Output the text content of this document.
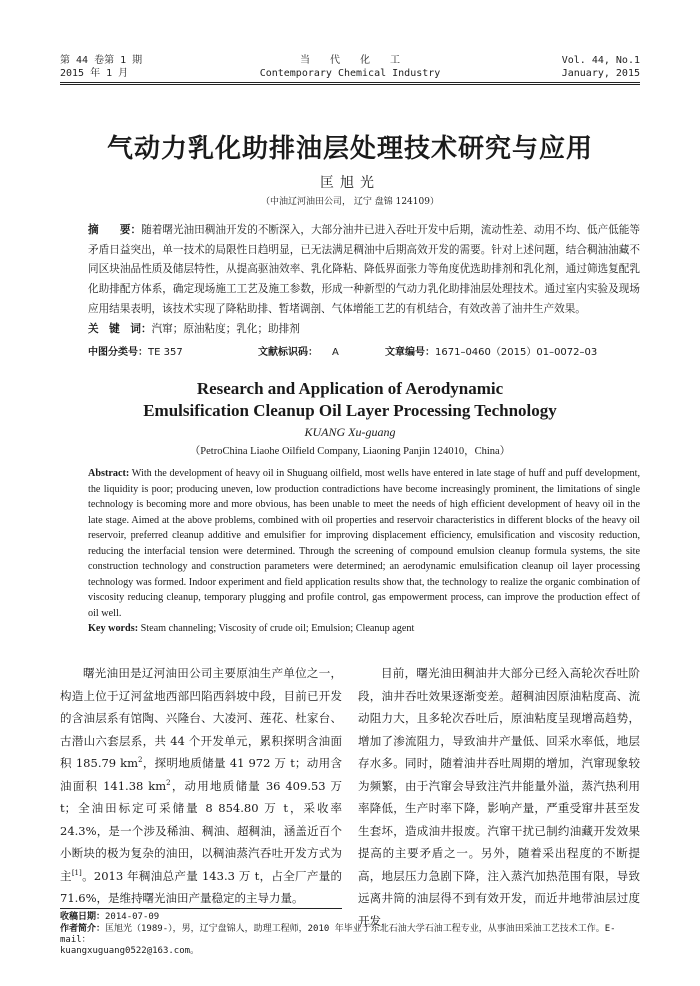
第 44 卷第 1 期
2015 年 1 月
当　　代　　化　　工
Contemporary Chemical Industry
Vol. 44, No.1
January, 2015
气动力乳化助排油层处理技术研究与应用
匡旭光
（中油辽河油田公司， 辽宁 盘锦 124109）
摘　　要：随着曙光油田稠油开发的不断深入，大部分油井已进入吞吐开发中后期，流动性差、动用不均、低产低能等矛盾日益突出，单一技术的局限性日趋明显，已无法满足稠油中后期高效开发的需要。针对上述问题，结合稠油油藏不同区块油品性质及储层特性，从提高驱油效率、乳化降粘、降低界面张力等角度优选助排剂和乳化剂，通过筛选复配乳化助排配方体系，确定现场施工工艺及施工参数，形成一种新型的气动力乳化助排油层处理技术。通过室内实验及现场应用结果表明，该技术实现了降粘助排、暂堵调剖、气体增能工艺的有机结合，有效改善了油井生产效果。
关　键　词：汽窜；原油粘度；乳化；助排剂
中图分类号：TE 357	文献标识码： A	文章编号：1671–0460（2015）01–0072–03
Research and Application of Aerodynamic
Emulsification Cleanup Oil Layer Processing Technology
KUANG Xu-guang
（PetroChina Liaohe Oilfield Company, Liaoning Panjin 124010，China）
Abstract: With the development of heavy oil in Shuguang oilfield, most wells have entered in late stage of huff and puff development, the liquidity is poor; producing uneven, low production contradictions have become increasingly prominent, the limitations of single technology is becoming more and more obvious, has been unable to meet the needs of high efficient development of heavy oil in the late stage. Aimed at the above problems, combined with oil properties and reservoir characteristics in different blocks of the heavy oil reservoir, preferred cleanup additive and emulsifier for improving displacement efficiency, emulsification and viscosity reduction, reducing the interfacial tension were determined. Through the screening of compound emulsion cleanup formula systems, the site construction technology and construction parameters were determined; an aerodynamic emulsification cleanup oil layer processing technology was formed. Indoor experiment and field application results show that, the technology to realize the organic combination of viscosity reducing cleanup, temporary plugging and profile control, gas empowerment process, can improve the production effect of oil well.
Key words: Steam channeling; Viscosity of crude oil; Emulsion; Cleanup agent

曙光油田是辽河油田公司主要原油生产单位之一，构造上位于辽河盆地西部凹陷西斜坡中段，目前已开发的含油层系有馆陶、兴隆台、大凌河、莲花、杜家台、古潜山六套层系，共 44 个开发单元，累积探明含油面积 185.79 $km^2$，探明地质储量 41 972 万 t；动用含油面积 141.38 $km^2$，动用地质储量 36 409.53 万 t；全油田标定可采储量 8 854.80 万 t，采收率 24.3%，是一个涉及稀油、稠油、超稠油，涵盖近百个小断块的极为复杂的油田，以稠油蒸汽吞吐开发方式为主[1]。2013 年稠油总产量 143.3 万 t，占全厂产量的 71.6%，是维持曙光油田产量稳定的主导力量。

目前，曙光油田稠油井大部分已经入高轮次吞吐阶段，油井吞吐效果逐渐变差。超稠油因原油粘度高、流动阻力大，且多轮次吞吐后，原油粘度呈现增高趋势，增加了渗流阻力，导致油井产量低、回采水率低，地层存水多。同时，随着油井吞吐周期的增加，汽窜现象较为频繁，由于汽窜会导致注汽井能量外溢，蒸汽热利用率降低，生产时率下降，影响产量，严重受窜井甚至发生套坏，造成油井报废。汽窜干扰已制约油藏开发效果提高的主要矛盾之一。另外，随着采出程度的不断提高，地层压力急剧下降，注入蒸汽加热范围有限，导致远离井筒的油层得不到有效开发，而近井地带油层过度开发，

收稿日期：2014-07-09
作者简介：匡旭光（1989-），男，辽宁盘锦人，助理工程师，2010 年毕业于东北石油大学石油工程专业，从事油田采油工艺技术工作。E-mail：
kuangxuguang0522@163.com。
